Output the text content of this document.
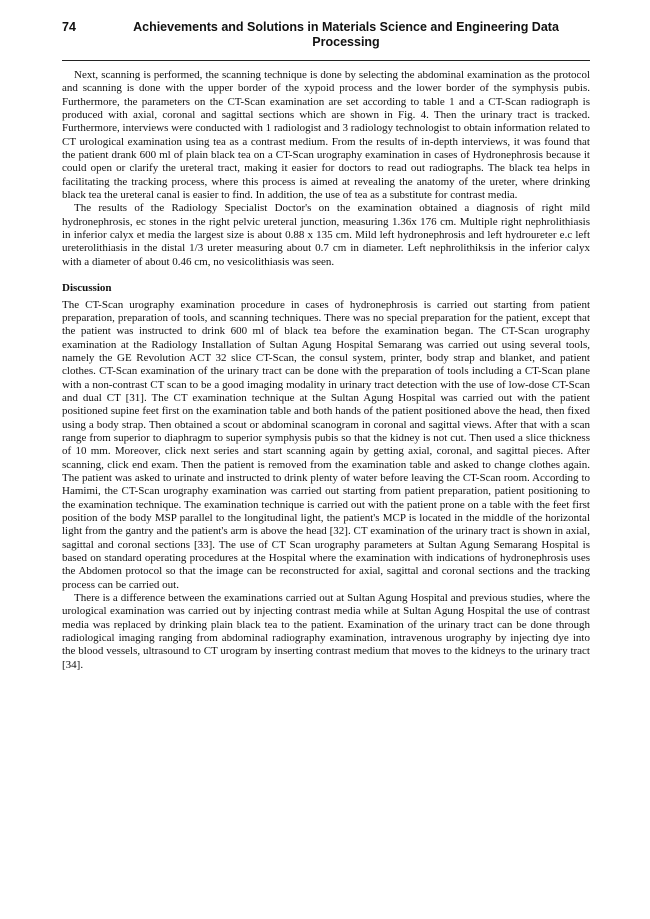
74	Achievements and Solutions in Materials Science and Engineering Data
Processing

Next, scanning is performed, the scanning technique is done by selecting the abdominal examination as the protocol and scanning is done with the upper border of the xypoid process and the lower border of the symphysis pubis. Furthermore, the parameters on the CT-Scan examination are set according to table 1 and a CT-Scan radiograph is produced with axial, coronal and sagittal sections which are shown in Fig. 4. Then the urinary tract is tracked. Furthermore, interviews were conducted with 1 radiologist and 3 radiology technologist to obtain information related to CT urological examination using tea as a contrast medium. From the results of in-depth interviews, it was found that the patient drank 600 ml of plain black tea on a CT-Scan urography examination in cases of Hydronephrosis because it could open or clarify the ureteral tract, making it easier for doctors to read out radiographs. The black tea helps in facilitating the tracking process, where this process is aimed at revealing the anatomy of the ureter, where drinking black tea the ureteral canal is easier to find. In addition, the use of tea as a substitute for contrast media.

The results of the Radiology Specialist Doctor's on the examination obtained a diagnosis of right mild hydronephrosis, ec stones in the right pelvic ureteral junction, measuring 1.36x 176 cm. Multiple right nephrolithiasis in inferior calyx et media the largest size is about 0.88 x 135 cm. Mild left hydronephrosis and left hydroureter e.c left ureterolithiasis in the distal 1/3 ureter measuring about 0.7 cm in diameter. Left nephrolithiksis in the inferior calyx with a diameter of about 0.46 cm, no vesicolithiasis was seen.

Discussion

The CT-Scan urography examination procedure in cases of hydronephrosis is carried out starting from patient preparation, preparation of tools, and scanning techniques. There was no special preparation for the patient, except that the patient was instructed to drink 600 ml of black tea before the examination began. The CT-Scan urography examination at the Radiology Installation of Sultan Agung Hospital Semarang was carried out using several tools, namely the GE Revolution ACT 32 slice CT-Scan, the consul system, printer, body strap and blanket, and patient clothes. CT-Scan examination of the urinary tract can be done with the preparation of tools including a CT-Scan plane with a non-contrast CT scan to be a good imaging modality in urinary tract detection with the use of low-dose CT-Scan and dual CT [31]. The CT examination technique at the Sultan Agung Hospital was carried out with the patient positioned supine feet first on the examination table and both hands of the patient positioned above the head, then fixed using a body strap. Then obtained a scout or abdominal scanogram in coronal and sagittal views. After that with a scan range from superior to diaphragm to superior symphysis pubis so that the kidney is not cut. Then used a slice thickness of 10 mm. Moreover, click next series and start scanning again by getting axial, coronal, and sagittal pieces. After scanning, click end exam. Then the patient is removed from the examination table and asked to change clothes again. The patient was asked to urinate and instructed to drink plenty of water before leaving the CT-Scan room. According to Hamimi, the CT-Scan urography examination was carried out starting from patient preparation, patient positioning to the examination technique. The examination technique is carried out with the patient prone on a table with the feet first position of the body MSP parallel to the longitudinal light, the patient's MCP is located in the middle of the horizontal light from the gantry and the patient's arm is above the head [32]. CT examination of the urinary tract is shown in axial, sagittal and coronal sections [33]. The use of CT Scan urography parameters at Sultan Agung Semarang Hospital is based on standard operating procedures at the Hospital where the examination with indications of hydronephrosis uses the Abdomen protocol so that the image can be reconstructed for axial, sagittal and coronal sections and the tracking process can be carried out.

There is a difference between the examinations carried out at Sultan Agung Hospital and previous studies, where the urological examination was carried out by injecting contrast media while at Sultan Agung Hospital the use of contrast media was replaced by drinking plain black tea to the patient. Examination of the urinary tract can be done through radiological imaging ranging from abdominal radiography examination, intravenous urography by injecting dye into the blood vessels, ultrasound to CT urogram by inserting contrast medium that moves to the kidneys to the urinary tract [34].
